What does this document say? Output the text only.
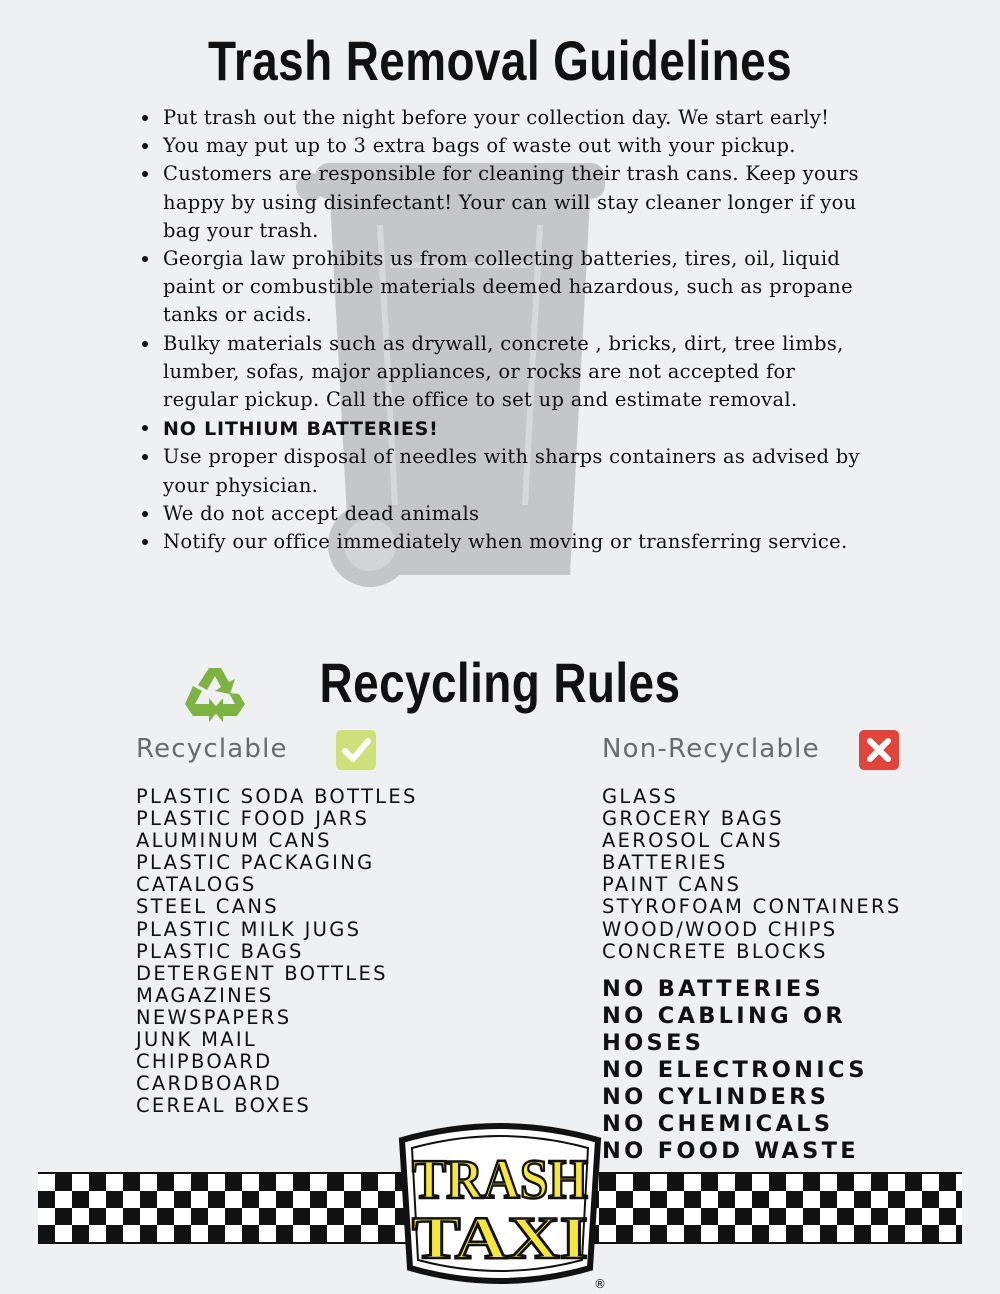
Trash Removal Guidelines
Put trash out the night before your collection day. We start early!
You may put up to 3 extra bags of waste out with your pickup.
Customers are responsible for cleaning their trash cans. Keep yours happy by using disinfectant! Your can will stay cleaner longer if you bag your trash.
Georgia law prohibits us from collecting batteries, tires, oil, liquid paint or combustible materials deemed hazardous, such as propane tanks or acids.
Bulky materials such as drywall, concrete , bricks, dirt, tree limbs, lumber, sofas, major appliances, or rocks are not accepted for regular pickup. Call the office to set up and estimate removal.
NO LITHIUM BATTERIES!
Use proper disposal of needles with sharps containers as advised by your physician.
We do not accept dead animals
Notify our office immediately when moving or transferring service.
Recycling Rules
Recyclable	Non-Recyclable
PLASTIC SODA BOTTLES
PLASTIC FOOD JARS
ALUMINUM CANS
PLASTIC PACKAGING
CATALOGS
STEEL CANS
PLASTIC MILK JUGS
PLASTIC BAGS
DETERGENT BOTTLES
MAGAZINES
NEWSPAPERS
JUNK MAIL
CHIPBOARD
CARDBOARD
CEREAL BOXES
GLASS
GROCERY BAGS
AEROSOL CANS
BATTERIES
PAINT CANS
STYROFOAM CONTAINERS
WOOD/WOOD CHIPS
CONCRETE BLOCKS
NO BATTERIES
NO CABLING OR HOSES
NO ELECTRONICS
NO CYLINDERS
NO CHEMICALS
NO FOOD WASTE
TRASH
TAXI
®
